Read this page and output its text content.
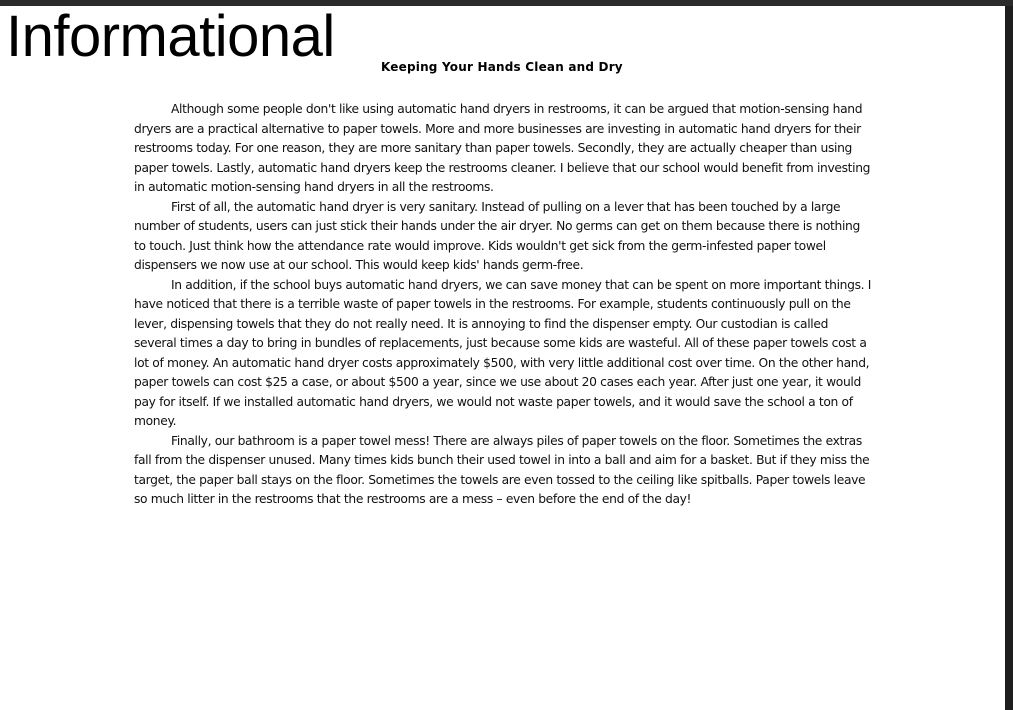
Informational	Keeping Your Hands Clean and Dry

Although some people don't like using automatic hand dryers in restrooms, it can be argued that motion-sensing hand dryers are a practical alternative to paper towels. More and more businesses are investing in automatic hand dryers for their restrooms today. For one reason, they are more sanitary than paper towels. Secondly, they are actually cheaper than using paper towels. Lastly, automatic hand dryers keep the restrooms cleaner. I believe that our school would benefit from investing in automatic motion-sensing hand dryers in all the restrooms.

First of all, the automatic hand dryer is very sanitary. Instead of pulling on a lever that has been touched by a large number of students, users can just stick their hands under the air dryer. No germs can get on them because there is nothing to touch. Just think how the attendance rate would improve. Kids wouldn't get sick from the germ-infested paper towel dispensers we now use at our school. This would keep kids' hands germ-free.

In addition, if the school buys automatic hand dryers, we can save money that can be spent on more important things. I have noticed that there is a terrible waste of paper towels in the restrooms. For example, students continuously pull on the lever, dispensing towels that they do not really need. It is annoying to find the dispenser empty. Our custodian is called several times a day to bring in bundles of replacements, just because some kids are wasteful. All of these paper towels cost a lot of money. An automatic hand dryer costs approximately $500, with very little additional cost over time. On the other hand, paper towels can cost $25 a case, or about $500 a year, since we use about 20 cases each year. After just one year, it would pay for itself. If we installed automatic hand dryers, we would not waste paper towels, and it would save the school a ton of money.

Finally, our bathroom is a paper towel mess! There are always piles of paper towels on the floor. Sometimes the extras fall from the dispenser unused. Many times kids bunch their used towel in into a ball and aim for a basket. But if they miss the target, the paper ball stays on the floor. Sometimes the towels are even tossed to the ceiling like spitballs. Paper towels leave so much litter in the restrooms that the restrooms are a mess – even before the end of the day!
